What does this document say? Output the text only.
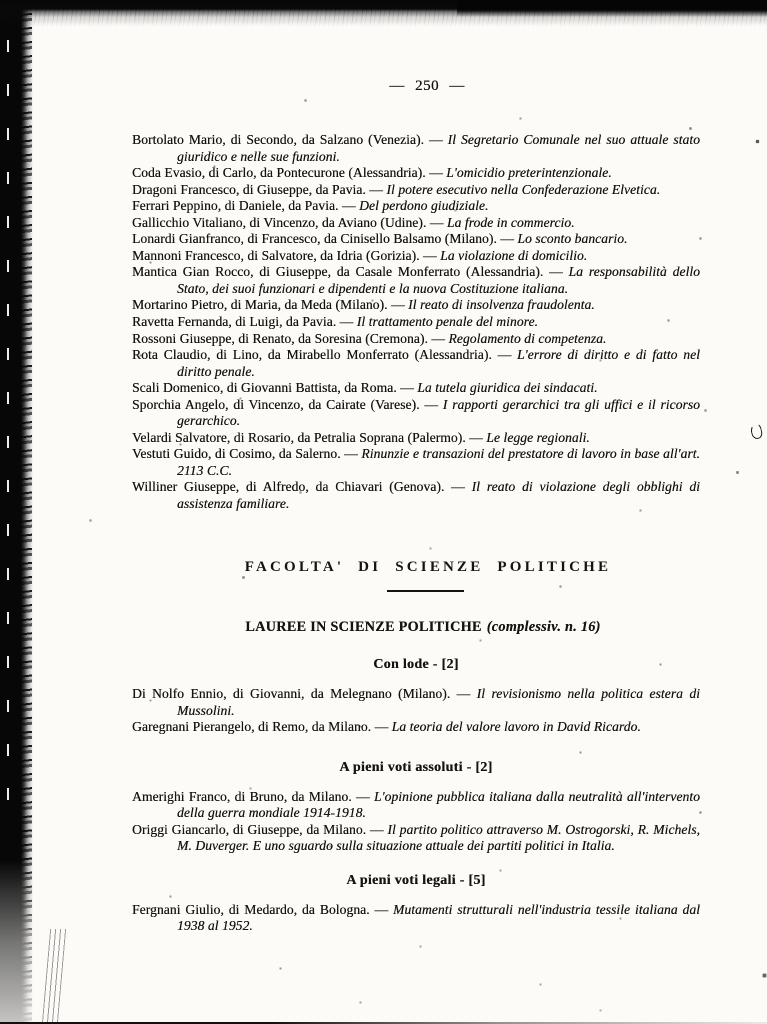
— 250 —

Bortolato Mario, di Secondo, da Salzano (Venezia). — Il Segretario Comunale nel suo attuale stato giuridico e nelle sue funzioni.

Coda Evasio, di Carlo, da Pontecurone (Alessandria). — L'omicidio preterintenzionale.

Dragoni Francesco, di Giuseppe, da Pavia. — Il potere esecutivo nella Confederazione Elvetica.

Ferrari Peppino, di Daniele, da Pavia. — Del perdono giudiziale.

Gallicchio Vitaliano, di Vincenzo, da Aviano (Udine). — La frode in commercio.

Lonardi Gianfranco, di Francesco, da Cinisello Balsamo (Milano). — Lo sconto bancario.

Mannoni Francesco, di Salvatore, da Idria (Gorizia). — La violazione di domicilio.

Mantica Gian Rocco, di Giuseppe, da Casale Monferrato (Alessandria). — La responsabilità dello Stato, dei suoi funzionari e dipendenti e la nuova Costituzione italiana.

Mortarino Pietro, di Maria, da Meda (Milano). — Il reato di insolvenza fraudolenta.

Ravetta Fernanda, di Luigi, da Pavia. — Il trattamento penale del minore.

Rossoni Giuseppe, di Renato, da Soresina (Cremona). — Regolamento di competenza.

Rota Claudio, di Lino, da Mirabello Monferrato (Alessandria). — L'errore di diritto e di fatto nel diritto penale.

Scali Domenico, di Giovanni Battista, da Roma. — La tutela giuridica dei sindacati.

Sporchia Angelo, di Vincenzo, da Cairate (Varese). — I rapporti gerarchici tra gli uffici e il ricorso gerarchico.

Velardi Salvatore, di Rosario, da Petralia Soprana (Palermo). — Le legge regionali.

Vestuti Guido, di Cosimo, da Salerno. — Rinunzie e transazioni del prestatore di lavoro in base all'art. 2113 C.C.

Williner Giuseppe, di Alfredo, da Chiavari (Genova). — Il reato di violazione degli obblighi di assistenza familiare.

FACOLTA' DI SCIENZE POLITICHE
LAUREE IN SCIENZE POLITICHE (complessiv. n. 16)
Con lode - [2]

Di Nolfo Ennio, di Giovanni, da Melegnano (Milano). — Il revisionismo nella politica estera di Mussolini.

Garegnani Pierangelo, di Remo, da Milano. — La teoria del valore lavoro in David Ricardo.

A pieni voti assoluti - [2]

Amerighi Franco, di Bruno, da Milano. — L'opinione pubblica italiana dalla neutralità all'intervento della guerra mondiale 1914-1918.

Origgi Giancarlo, di Giuseppe, da Milano. — Il partito politico attraverso M. Ostrogorski, R. Michels, M. Duverger. E uno sguardo sulla situazione attuale dei partiti politici in Italia.

A pieni voti legali - [5]

Fergnani Giulio, di Medardo, da Bologna. — Mutamenti strutturali nell'industria tessile italiana dal 1938 al 1952.
